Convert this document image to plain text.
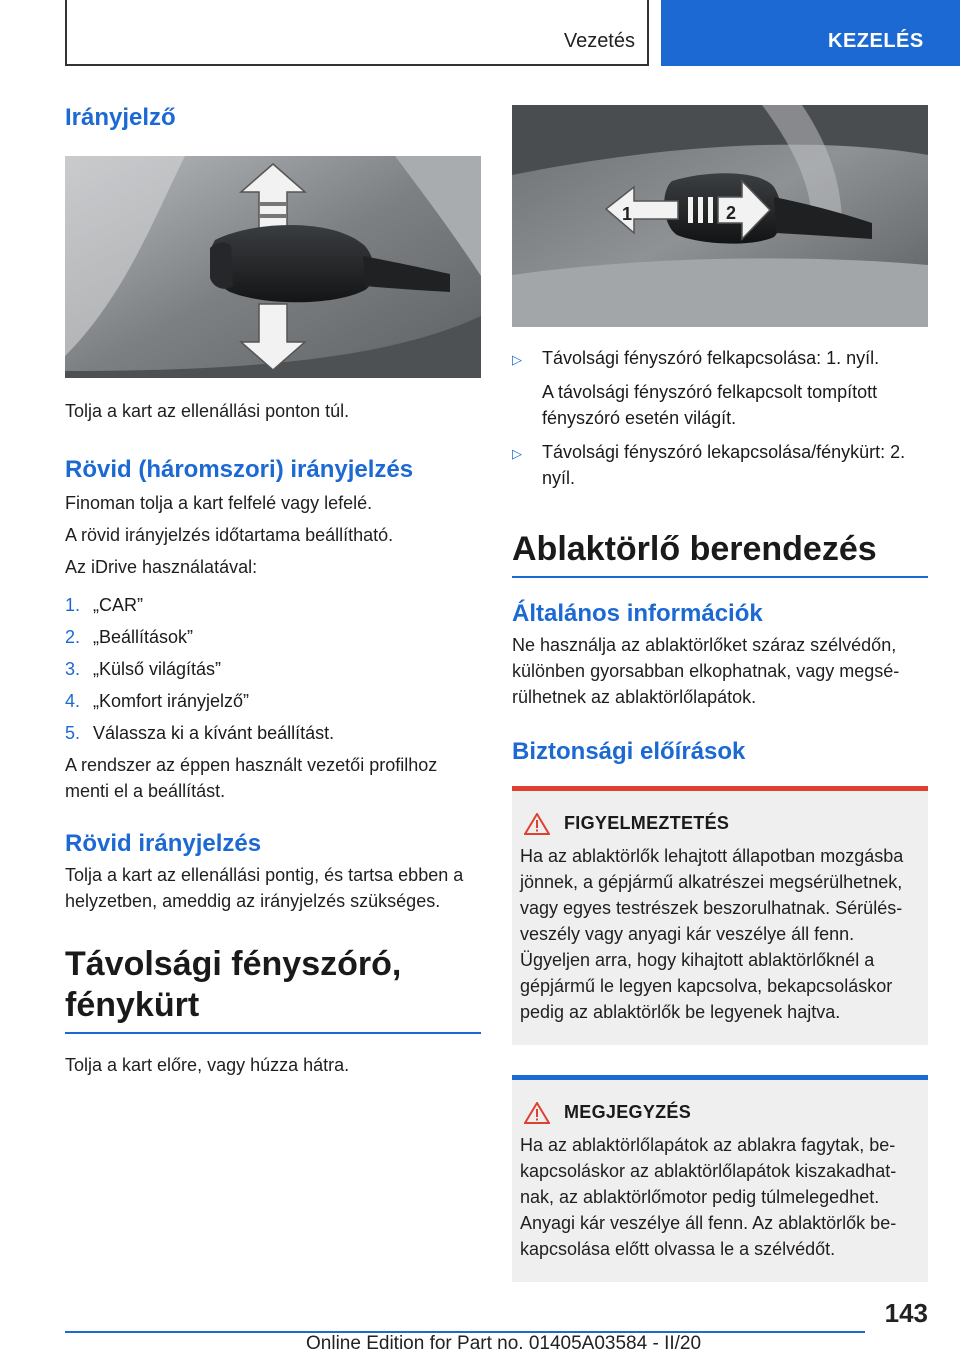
Vezetés	KEZELÉS
Irányjelző

Tolja a kart az ellenállási ponton túl.

Rövid (háromszori) irányjelzés

Finoman tolja a kart felfelé vagy lefelé.

A rövid irányjelzés időtartama beállítható.

Az iDrive használatával:

1. „CAR”
2. „Beállítások”
3. „Külső világítás”
4. „Komfort irányjelző”
5. Válassza ki a kívánt beállítást.

A rendszer az éppen használt vezetői profilhoz menti el a beállítást.

Rövid irányjelzés

Tolja a kart az ellenállási pontig, és tartsa ebben a helyzetben, ameddig az irányjelzés szükséges.

Távolsági fényszóró, fénykürt

Tolja a kart előre, vagy húzza hátra.

1	2
▷	Távolsági fényszóró felkapcsolása: 1. nyíl.
A távolsági fényszóró felkapcsolt tompított fényszóró esetén világít.
▷	Távolsági fényszóró lekapcsolása/fénykürt: 2. nyíl.
Ablaktörlő berendezés
Általános információk

Ne használja az ablaktörlőket száraz szélvédőn, különben gyorsabban elkophatnak, vagy megsérülhetnek az ablaktörlőlapátok.

Biztonsági előírások
FIGYELMEZTETÉS

Ha az ablaktörlők lehajtott állapotban mozgásba jönnek, a gépjármű alkatrészei megsérülhetnek, vagy egyes testrészek beszorulhatnak. Sérülésveszély vagy anyagi kár veszélye áll fenn.

Ügyeljen arra, hogy kihajtott ablaktörlőknél a gépjármű le legyen kapcsolva, bekapcsoláskor pedig az ablaktörlők be legyenek hajtva.

MEGJEGYZÉS

Ha az ablaktörlőlapátok az ablakra fagytak, bekapcsoláskor az ablaktörlőlapátok kiszakadhatnak, az ablaktörlőmotor pedig túlmelegedhet. Anyagi kár veszélye áll fenn. Az ablaktörlők bekapcsolása előtt olvassa le a szélvédőt.

143
Online Edition for Part no. 01405A03584 - II/20
